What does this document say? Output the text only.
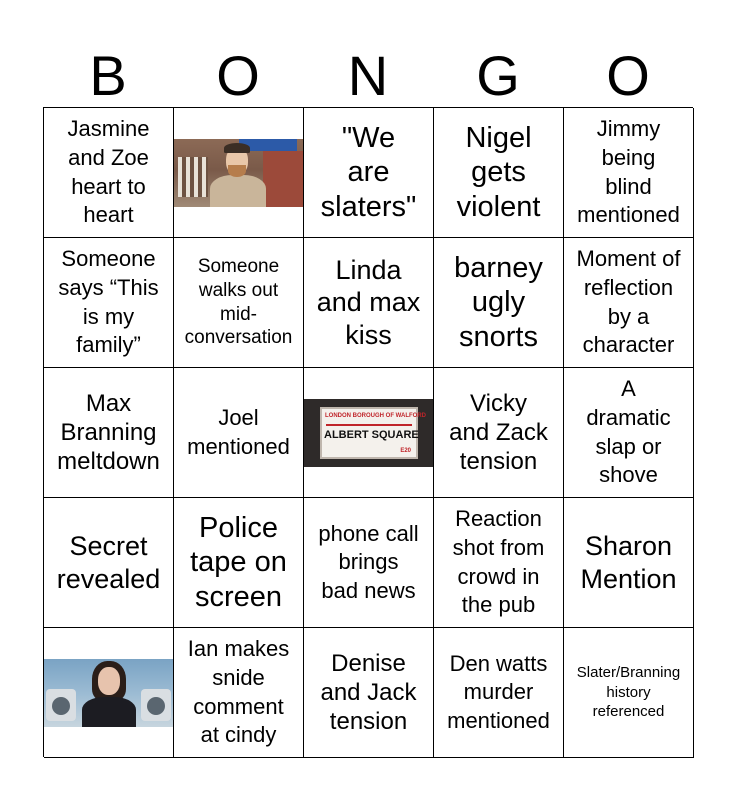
B	O	N	G	O
Jasmine
and Zoe
heart to
heart
"We
are
slaters"
Nigel
gets
violent
Jimmy
being
blind
mentioned
Someone
says “This
is my
family”
Someone
walks out
mid-
conversation
Linda
and max
kiss
barney
ugly
snorts
Moment of
reflection
by a
character
Max
Branning
meltdown
Joel
mentioned
LONDON BOROUGH OF WALFORD
ALBERT SQUARE
E20
Vicky
and Zack
tension
A
dramatic
slap or
shove
Secret
revealed
Police
tape on
screen
phone call
brings
bad news
Reaction
shot from
crowd in
the pub
Sharon
Mention
Ian makes
snide
comment
at cindy
Denise
and Jack
tension
Den watts
murder
mentioned
Slater/Branning
history
referenced
